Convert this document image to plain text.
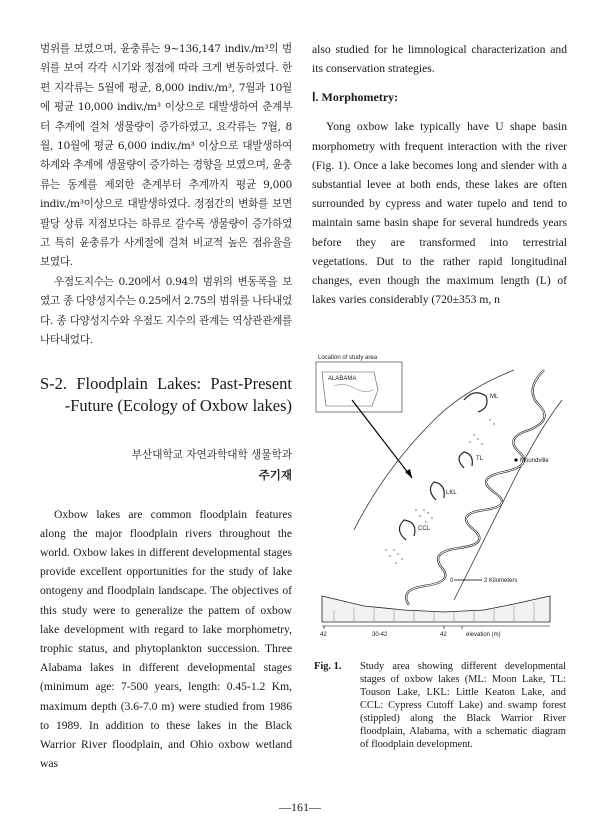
범위를 보였으며, 윤충류는 9~136,147 indiv./m³의 범위를 보여 각각 시기와 정점에 따라 크게 변동하였다. 한편 지각류는 5월에 평균, 8,000 indiv./m³, 7월과 10월에 평균 10,000 indiv./m³ 이상으로 대발생하여 춘계부터 추계에 걸쳐 생물량이 증가하였고, 요각류는 7월, 8월, 10월에 평균 6,000 indiv./m³ 이상으로 대발생하여 하계와 추계에 생물량이 증가하는 경향을 보였으며, 윤충류는 동계를 제외한 춘계부터 추계까지 평균 9,000 indiv./m³이상으로 대발생하였다. 정점간의 변화를 보면 팔당 상류 지점보다는 하류로 갈수록 생물량이 증가하였고 특히 윤충류가 사계절에 걸쳐 비교적 높은 점유율을 보였다.

우점도지수는 0.20에서 0.94의 범위의 변동폭을 보였고 종 다양성지수는 0.25에서 2.75의 범위를 나타내었다. 종 다양성지수와 우점도 지수의 관계는 역상관관계를 나타내었다.

S-2. Floodplain Lakes: Past-Present
-Future (Ecology of Oxbow lakes)
부산대학교 자연과학대학 생물학과
주기재

Oxbow lakes are common floodplain features along the major floodplain rivers throughout the world. Oxbow lakes in different developmental stages provide excellent opportunities for the study of lake ontogeny and floodplain landscape. The objectives of this study were to generalize the pattem of oxbow lake development with regard to lake morphometry, trophic status, and phytoplankton succession. Three Alabama lakes in different developmental stages (minimum age: 7-500 years, length: 0.45-1.2 Km, maximum depth (3.6-7.0 m) were studied from 1986 to 1989. In addition to these lakes in the Black Warrior River floodplain, and Ohio oxbow wetland was

also studied for he limnological characterization and its conservation strategies.

Ⅰ. Morphometry:

Yong oxbow lake typically have U shape basin morphometry with frequent interaction with the river (Fig. 1). Once a lake becomes long and slender with a substantial levee at both ends, these lakes are often surrounded by cypress and water tupelo and tend to maintain same basin shape for several hundreds years before they are transformed into terrestrial vegetations. Dut to the rather rapid longitudinal changes, even though the maximum length (L) of lakes varies considerably (720±353 m, n

Location of study area
ALABAMA
ML
TL
LKL
CCL
Moundville
0	2 Kilometers
42	30-42	42	elevation (m)
Fig. 1. Study area showing different developmental stages of oxbow lakes (ML: Moon Lake, TL: Touson Lake, LKL: Little Keaton Lake, and CCL: Cypress Cutoff Lake) and swamp forest (stippled) along the Black Warrior River floodplain, Alabama, with a schematic diagram of floodplain development.
—161—
